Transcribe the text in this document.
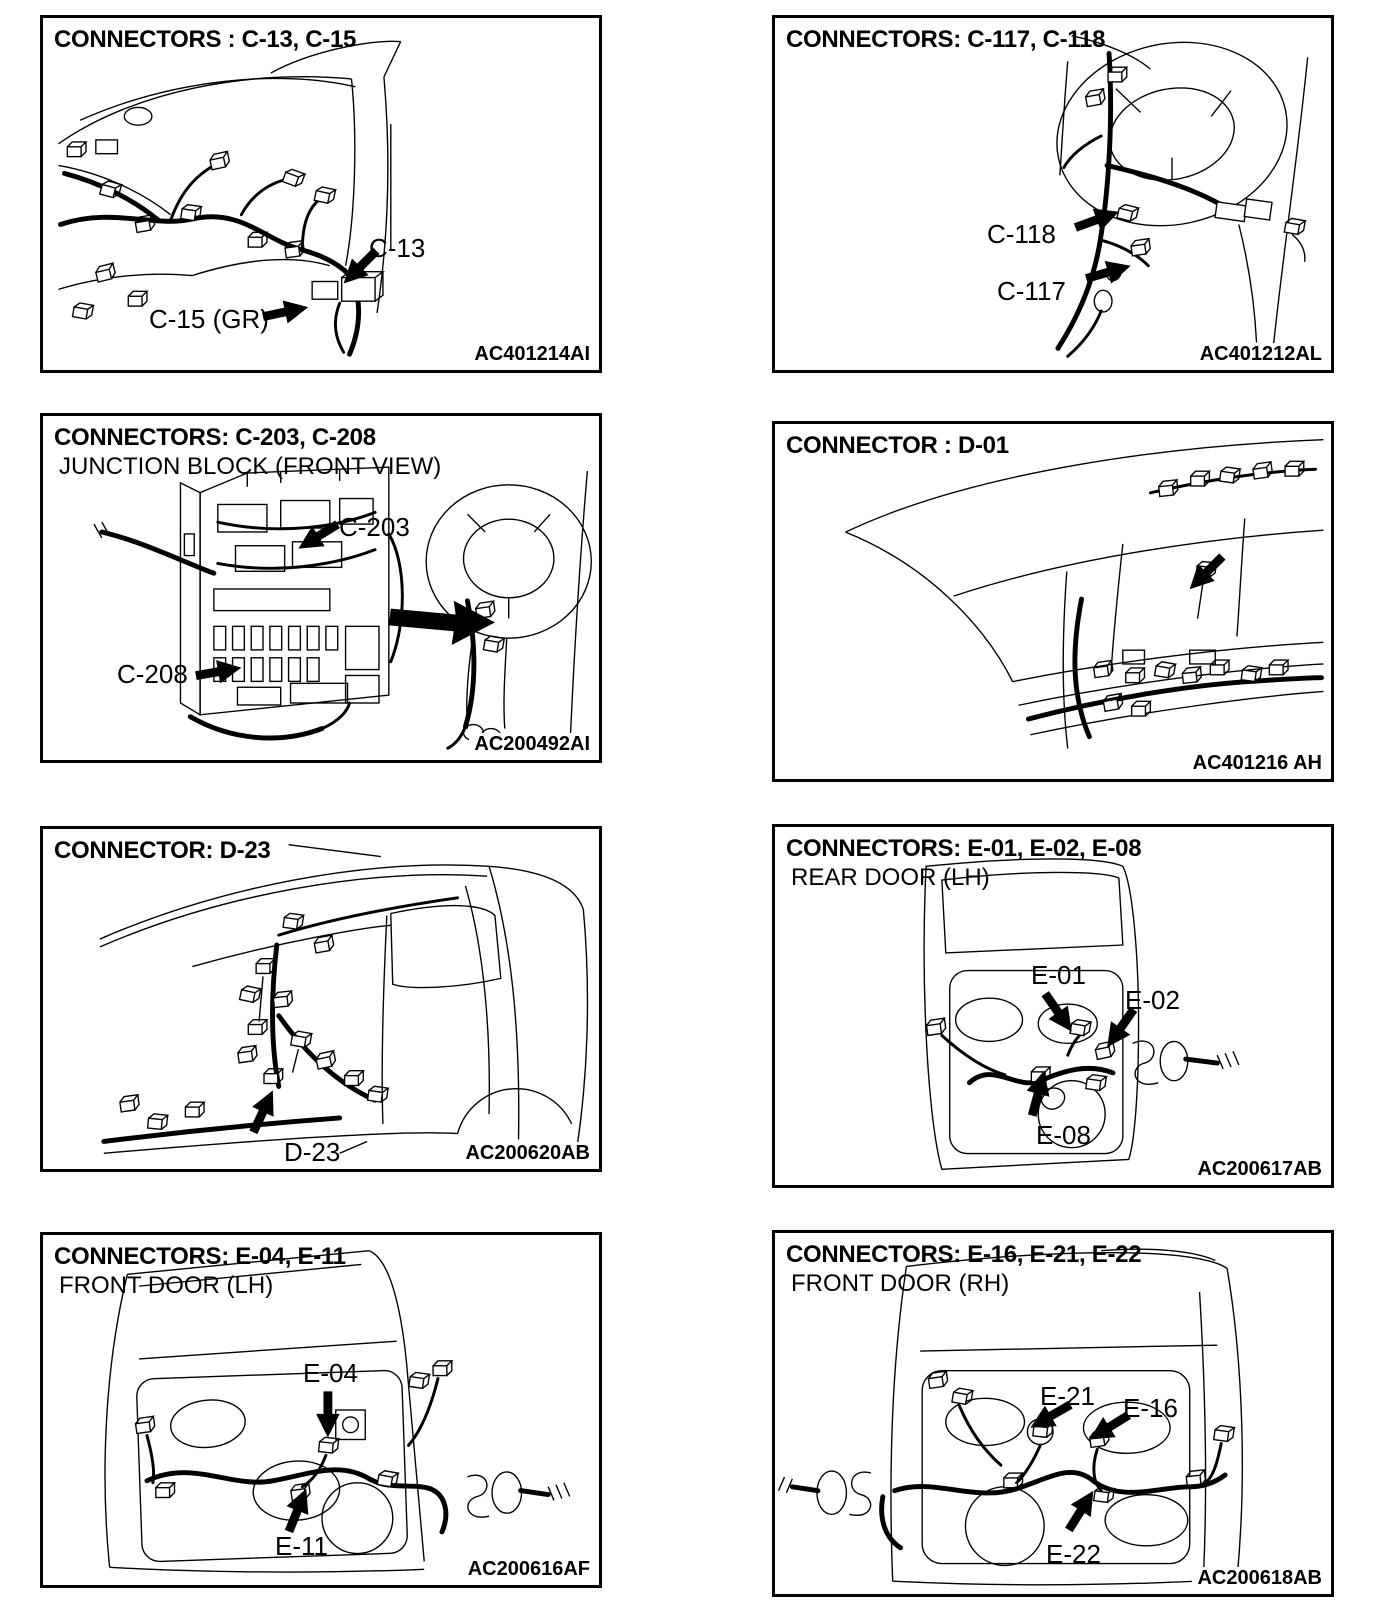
CONNECTORS : C-13, C-15
C-13
C-15 (GR)
AC401214AI
CONNECTORS: C-117, C-118
C-118
C-117
AC401212AL
CONNECTORS: C-203, C-208
JUNCTION BLOCK (FRONT VIEW)
C-203
C-208
AC200492AI
CONNECTOR : D-01
AC401216 AH
CONNECTOR: D-23
D-23	AC200620AB
CONNECTORS: E-01, E-02, E-08
REAR DOOR (LH)
E-01
E-02
E-08
AC200617AB
CONNECTORS: E-04, E-11
FRONT DOOR (LH)
E-04
E-11
AC200616AF
CONNECTORS: E-16, E-21, E-22
FRONT DOOR (RH)
E-21 E-16
E-22
AC200618AB
